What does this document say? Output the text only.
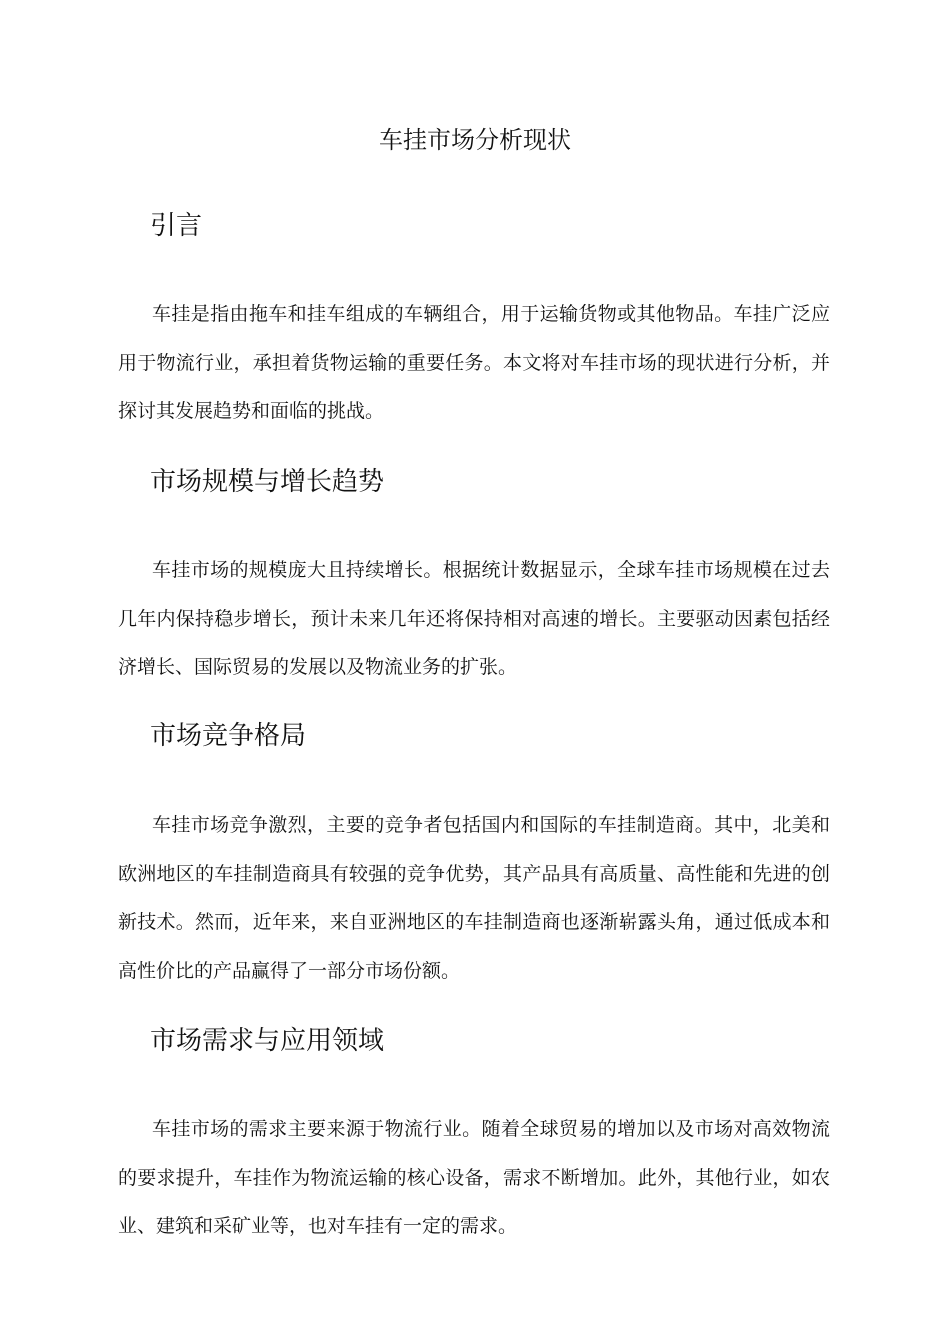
车挂市场分析现状
引言

车挂是指由拖车和挂车组成的车辆组合，用于运输货物或其他物品。车挂广泛应用于物流行业，承担着货物运输的重要任务。本文将对车挂市场的现状进行分析，并探讨其发展趋势和面临的挑战。

市场规模与增长趋势

车挂市场的规模庞大且持续增长。根据统计数据显示，全球车挂市场规模在过去几年内保持稳步增长，预计未来几年还将保持相对高速的增长。主要驱动因素包括经济增长、国际贸易的发展以及物流业务的扩张。

市场竞争格局

车挂市场竞争激烈，主要的竞争者包括国内和国际的车挂制造商。其中，北美和欧洲地区的车挂制造商具有较强的竞争优势，其产品具有高质量、高性能和先进的创新技术。然而，近年来，来自亚洲地区的车挂制造商也逐渐崭露头角，通过低成本和高性价比的产品赢得了一部分市场份额。

市场需求与应用领域

车挂市场的需求主要来源于物流行业。随着全球贸易的增加以及市场对高效物流的要求提升，车挂作为物流运输的核心设备，需求不断增加。此外，其他行业，如农业、建筑和采矿业等，也对车挂有一定的需求。
